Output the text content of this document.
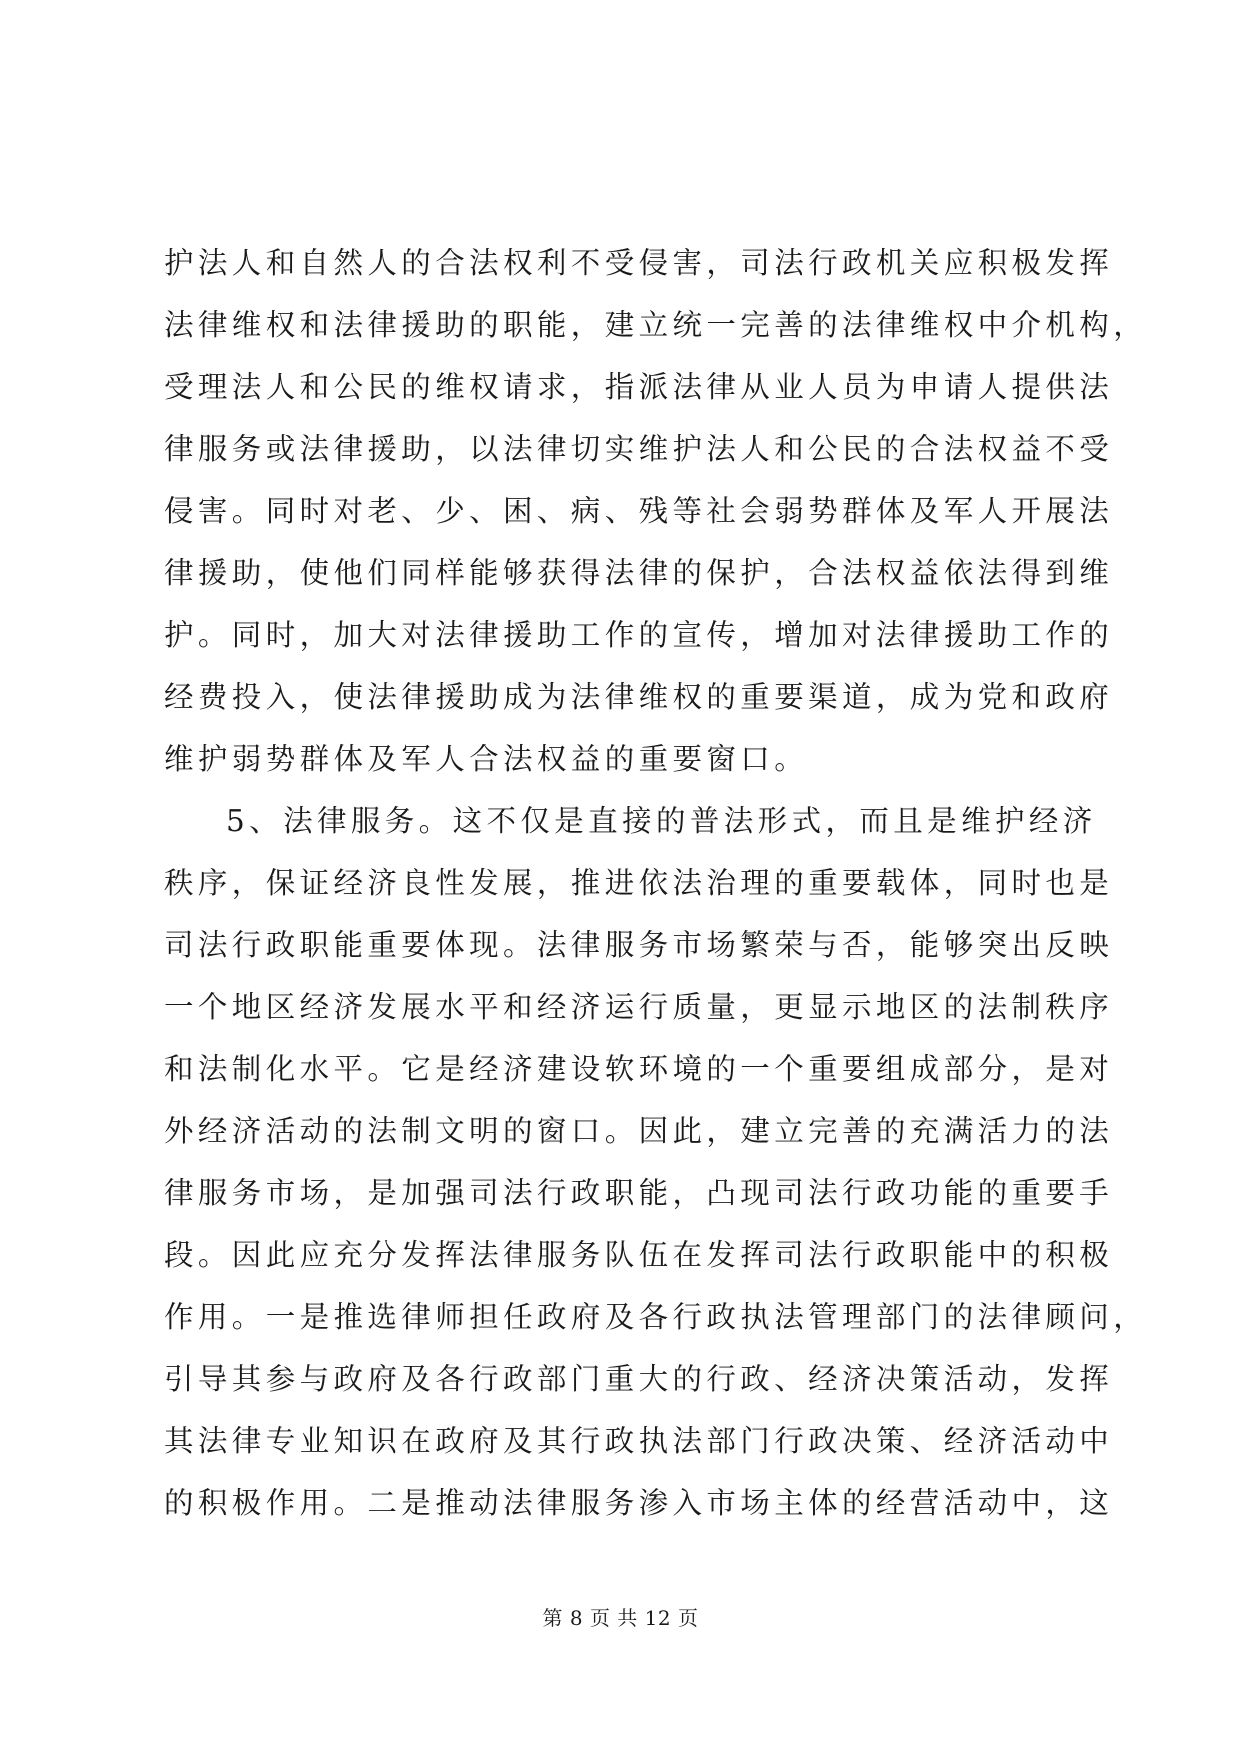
护法人和自然人的合法权利不受侵害，司法行政机关应积极发挥
法律维权和法律援助的职能，建立统一完善的法律维权中介机构，
受理法人和公民的维权请求，指派法律从业人员为申请人提供法
律服务或法律援助，以法律切实维护法人和公民的合法权益不受
侵害。同时对老、少、困、病、残等社会弱势群体及军人开展法
律援助，使他们同样能够获得法律的保护，合法权益依法得到维
护。同时，加大对法律援助工作的宣传，增加对法律援助工作的
经费投入，使法律援助成为法律维权的重要渠道，成为党和政府
维护弱势群体及军人合法权益的重要窗口。
5、法律服务。这不仅是直接的普法形式，而且是维护经济
秩序，保证经济良性发展，推进依法治理的重要载体，同时也是
司法行政职能重要体现。法律服务市场繁荣与否，能够突出反映
一个地区经济发展水平和经济运行质量，更显示地区的法制秩序
和法制化水平。它是经济建设软环境的一个重要组成部分，是对
外经济活动的法制文明的窗口。因此，建立完善的充满活力的法
律服务市场，是加强司法行政职能，凸现司法行政功能的重要手
段。因此应充分发挥法律服务队伍在发挥司法行政职能中的积极
作用。一是推选律师担任政府及各行政执法管理部门的法律顾问，
引导其参与政府及各行政部门重大的行政、经济决策活动，发挥
其法律专业知识在政府及其行政执法部门行政决策、经济活动中
的积极作用。二是推动法律服务渗入市场主体的经营活动中，这
第 8 页 共 12 页
